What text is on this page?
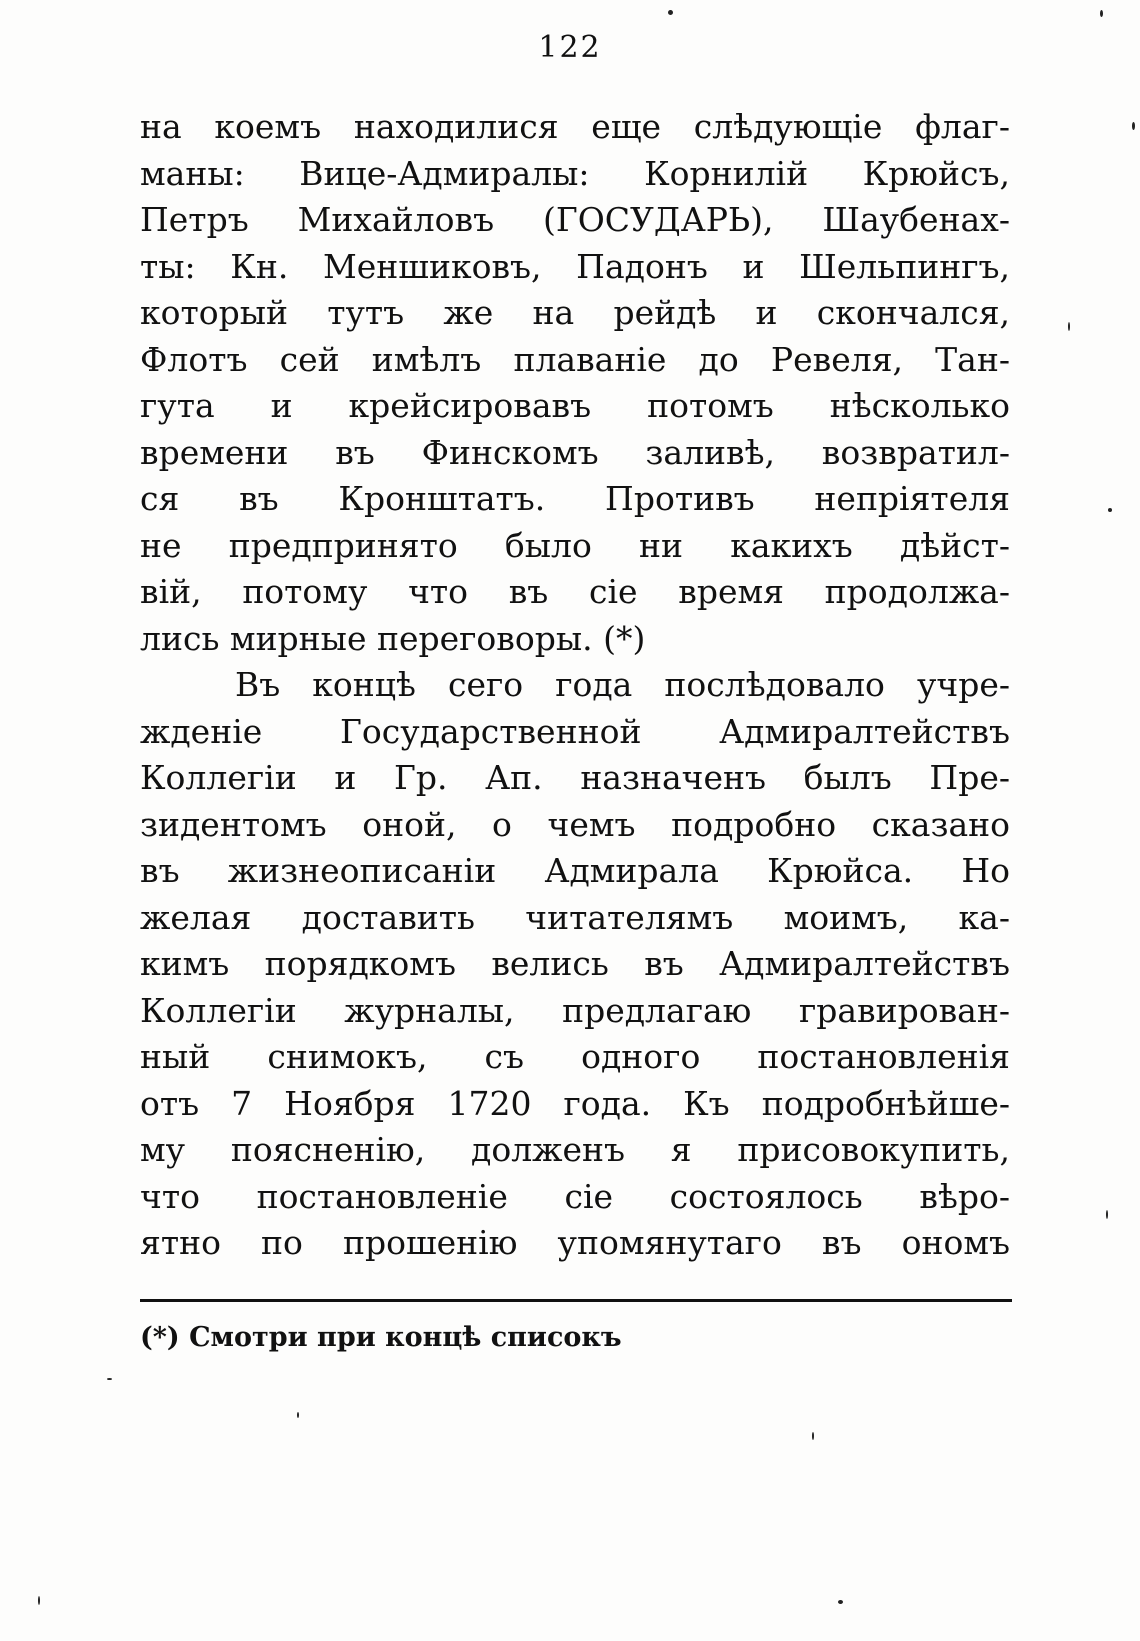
122
на коемъ находилися еще слѣдующіе флаг-
маны: Вице-Адмиралы: Корнилій Крюйсъ,
Петръ Михайловъ (ГОСУДАРЬ), Шаубенах-
ты: Кн. Меншиковъ, Падонъ и Шельпингъ,
который тутъ же на рейдѣ и скончался,
Флотъ сей имѣлъ плаваніе до Ревеля, Тан-
гута и крейсировавъ потомъ нѣсколько
времени въ Финскомъ заливѣ, возвратил-
ся въ Кронштатъ. Противъ непріятеля
не предпринято было ни какихъ дѣйст-
вій, потому что въ сіе время продолжа-
лись мирные переговоры. (*)
Въ концѣ сего года послѣдовало учре-
жденіе Государственной Адмиралтействъ
Коллегіи и Гр. Ап. назначенъ былъ Пре-
зидентомъ оной, о чемъ подробно сказано
въ жизнеописаніи Адмирала Крюйса. Но
желая доставить читателямъ моимъ, ка-
кимъ порядкомъ велись въ Адмиралтействъ
Коллегіи журналы, предлагаю гравирован-
ный снимокъ, съ одного постановленія
отъ 7 Ноября 1720 года. Къ подробнѣйше-
му поясненію, долженъ я присовокупить,
что постановленіе сіе состоялось вѣро-
ятно по прошенію упомянутаго въ ономъ
(*) Смотри при концѣ списокъ
